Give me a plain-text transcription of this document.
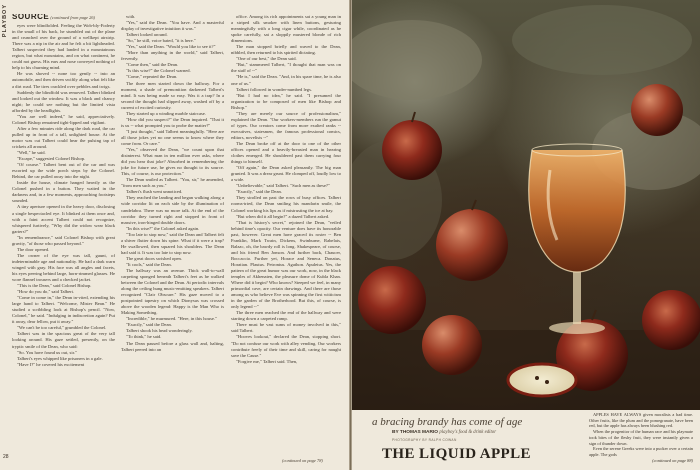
PLAYBOY SOURCE (continued from page 26)

eyes were blindfolded. Feeling the Wob-bly-Foderty in the small of his back, he stumbled out of the plane and crunched over the ground of a wellkept airstrip. There was a nip in the air and he felt a bit lightheaded. Talbert suspected they had landed in a mountainous region, but what mountains, and on what continent, he could not guess. His ears and nose conveyed nothing of help to his churning mind.

He was shoved -- none too gently -- into an automobile, and then driven swiftly along what felt like a dirt road. The tires crackled over pebbles and twigs.

Suddenly the blindfold was removed. Talbert blinked and looked out the window. It was a black and chancy night; he could see nothing but the limited vista afforded by the headlights.

"You are well indeed," he said, appreciatively. Colonel Bishop remained tight-lipped and vigilant.

After a few minutes ride along the dark road, the car pulled up in front of a tall, unlighted house. At the motor was cut Talbert could hear the pulsing tap of crickets all around.

"Well," he said.

"Escape," suggested Colonel Bishop.

"Of course." Talbert bent out of the car and was escorted up the wide porch steps by the Colonel. Behind, the car pulled away into the night.

Inside the house, climate hanged heavily as the Colonel pushed in a button. They waited in the darkness and, in a few moments, approaching footsteps sounded.

A tiny aperture opened in the heavy door, disclosing a single bespectacled eye. It blinked at them once and, with a faint accent Talbert could not recognize, whispered furtively, "Why did the widow wear black garters?"

"In remembrance," said Colonel Bishop with great gravity, "of those who passed beyond."

The door opened.

The owner of the eye was tall, gaunt, of indeterminable age and nationality. He had a dark warn winged with gray. His face was all angles and facets, his eyes peering behind large, horn-rimmed glasses. He wore flannel trousers and a checked jacket.

"This is the Dean," said Colonel Bishop.

"How do you do," said Talbert.

"Come in come in," the Dean in-vited, extending his large hand to Talbert. "Welcome, Mister Bean." He studied a scribbling look at Bishop's pencil. "Now, Colonel," he said. "Indulging in indiscretion again? Put it away, dear fellow, put it away."

"We can't be too careful," grumbled the Colonel.

Talbert was in the spacious great of the very tall looking around. His gaze settled, presently, on the tryptic smile of the Dean, who said:

"So. You have found us out, sir."

Talbert's eyes whipped like prisoners in a gale.

"Have I?" he covered his excitement

with.

"Yes," said the Dean. "You have. And a masterful display of investigative intuition it was."

Talbert looked around.

"So," he still, voice bated, "it is here."

"Yes," said the Dean. "Would you like to see it?"

"More than anything in the world," said Talbert, fervently.

"Come then," said the Dean.

"Is this wise?" the Colonel warned.

"Come," repeated the Dean.

The three men started down the hallway. For a moment, a shade of premonition darkened Talbert's mind. It was being made so easy. Was it a trap? In a second the thought had slipped away, washed off by a current of excited curiosity.

They started up a winding marble staircase.

"How did you suspect?" the Dean inquired. "That it is us -- what prompted you to probe the matter?"

"I just thought," said Talbert meaningfully. "Here are all those jokes yet no one seems to know where they come from. Or care."

"Yes," observed the Dean, "we count upon that disinterest. What man in ten million ever asks, where did you hear that joke? Absorbed in remembering the joke for future use, he gives no thought to its source. This, of course, is our protection."

The Dean smiled as Talbert. "You, sir," he amended, "from men such as you."

Talbert's flush went unnoticed.

They reached the landing and began walking along a wide corridor lit on each side by the illumination of candelabra. There was no more talk. At the end of the corridor they turned right and stopped in front of massive, iron-hinged double doors.

"In this wise?" the Colonel asked again.

"Too late to stop now," said the Dean and Talbert felt a shiver flutter down his spine. What if it were a trap? He swallowed, then squared his shoulders. The Dean had said it. It was too late to stop now.

The great doors swished open.

"It cools," said the Dean.

The hallway was an avenue. Thick wall-to-wall carpeting sponged beneath Talbert's feet as he walked between the Colonel and the Dean. At periodic intervals along the ceiling hung music-emitting speakers. Talbert recognized "Clair Obscure." His gaze moved to a postpointed tapestry on which Dionysus was crossed above the wooden legend: Happy is the Man Who is Making Something.

"Incredible," he murmured. "Here, in this house."

"Exactly," said the Dean.

Talbert shook his head wonderingly.

"To think," he said.

The Dean paused before a glass wall and, halting, Talbert peered into an

office. Among its rich appointments sat a young man in a striped silk smoker with linen buttons, gesturing meaningfully with a long cigar while, coordinated as he spoke carefully, sat a sloppily mustered blonde of rich dimensions.

The man stopped briefly and waved to the Dean, nibbled, then returned to his spirited dictating.

"One of our best," the Dean said.

"But," stammered Talbert, "I thought that man was on the staff of --"

"He is," said the Dean. "And, in his spare time, he is also one of us."

Talbert followed in wonder-numbed legs.

"But I had no idea," he said. "I presumed the organization to be composed of men like Bishop and Bishop."

"They are merely our source of professionalism," explained the Dean. "Our workers-members run the gamut of types. Our creators come from more exalted ranks -- executives, statesmen, the famous professional comics, editors, novelists --"

The Dean broke off at the door to one of the other offices opened and a heavily-breasted man in hearing clothes emerged. He shouldered past them carrying four things to himself.

"Off again," the Dean asked pleasantly. The big man grunted. It was a drear grunt. He clomped off, loudly low to a wide.

"Unbelievable," said Talbert. "Such men as these?"

"Exactly," said the Dean.

They strolled on past the rows of busy offices. Talbert rooms-tried, the Dean smiling his mandarin smile, the Colonel working his lips as if mistrusting the ice at bay.

"But when did it all begin?" a dazed Talbert asked.

"That is history's secret," rejoined the Dean, "veiled behind time's opacity. Our venture does have its honorable past, however. Great men have graced its roster -- Ben Franklin, Mark Twain, Dickens, Swinburne, Rabelais, Balzac, oh, the bawdy roll is long. Shakespeare, of course, and his friend Ben Jonson. And further back, Chaucer, Boccaccio. Further yet, Horace and Seneca. Donatus, Horatian. Plautus. Petronius. Agathon. Apuleius. Yes, the pattern of the great humor was our work, now, in the black temples of Akhenaten, the pleasure dome of Kubla Khan. Where did it begin? Who knows? Steeped we feel, in many primordial cave, are certain drawings. And there are those among us who believe Eve was spinning the first witticism in the garden of the Brotherhood. But this, of course, is only legend --"

The three men reached the end of the hallway and were starting down a carpeted ramp.

There must be vast sums of money involved in this," said Talbert.

"Hooves lookout," declared the Dean, stopping short. "Do not confuse our work with alley vending. Our workers contribute freely of their time and skill, caring for naught save the Cause."

"Forgive me," Talbert said. Then,

(continued on page 78)
28
a bracing brandy has come of age
BY THOMAS MARIO playboy's food & drink editor
PHOTOGRAPHY BY RALPH COWAN
THE LIQUID APPLE

APPLES HAVE ALWAYS given moralists a bad time. Other fruits, like the plum and the pomegranate, have been red, but the apple has always been blushing red.

When the progenitor of the human race and his playmate took bites of the fleshy fruit, they were instantly given a sign of thunder down.

Even the serene Greeks were into a pucker over a certain apple. The gods

(continued on page 88)
